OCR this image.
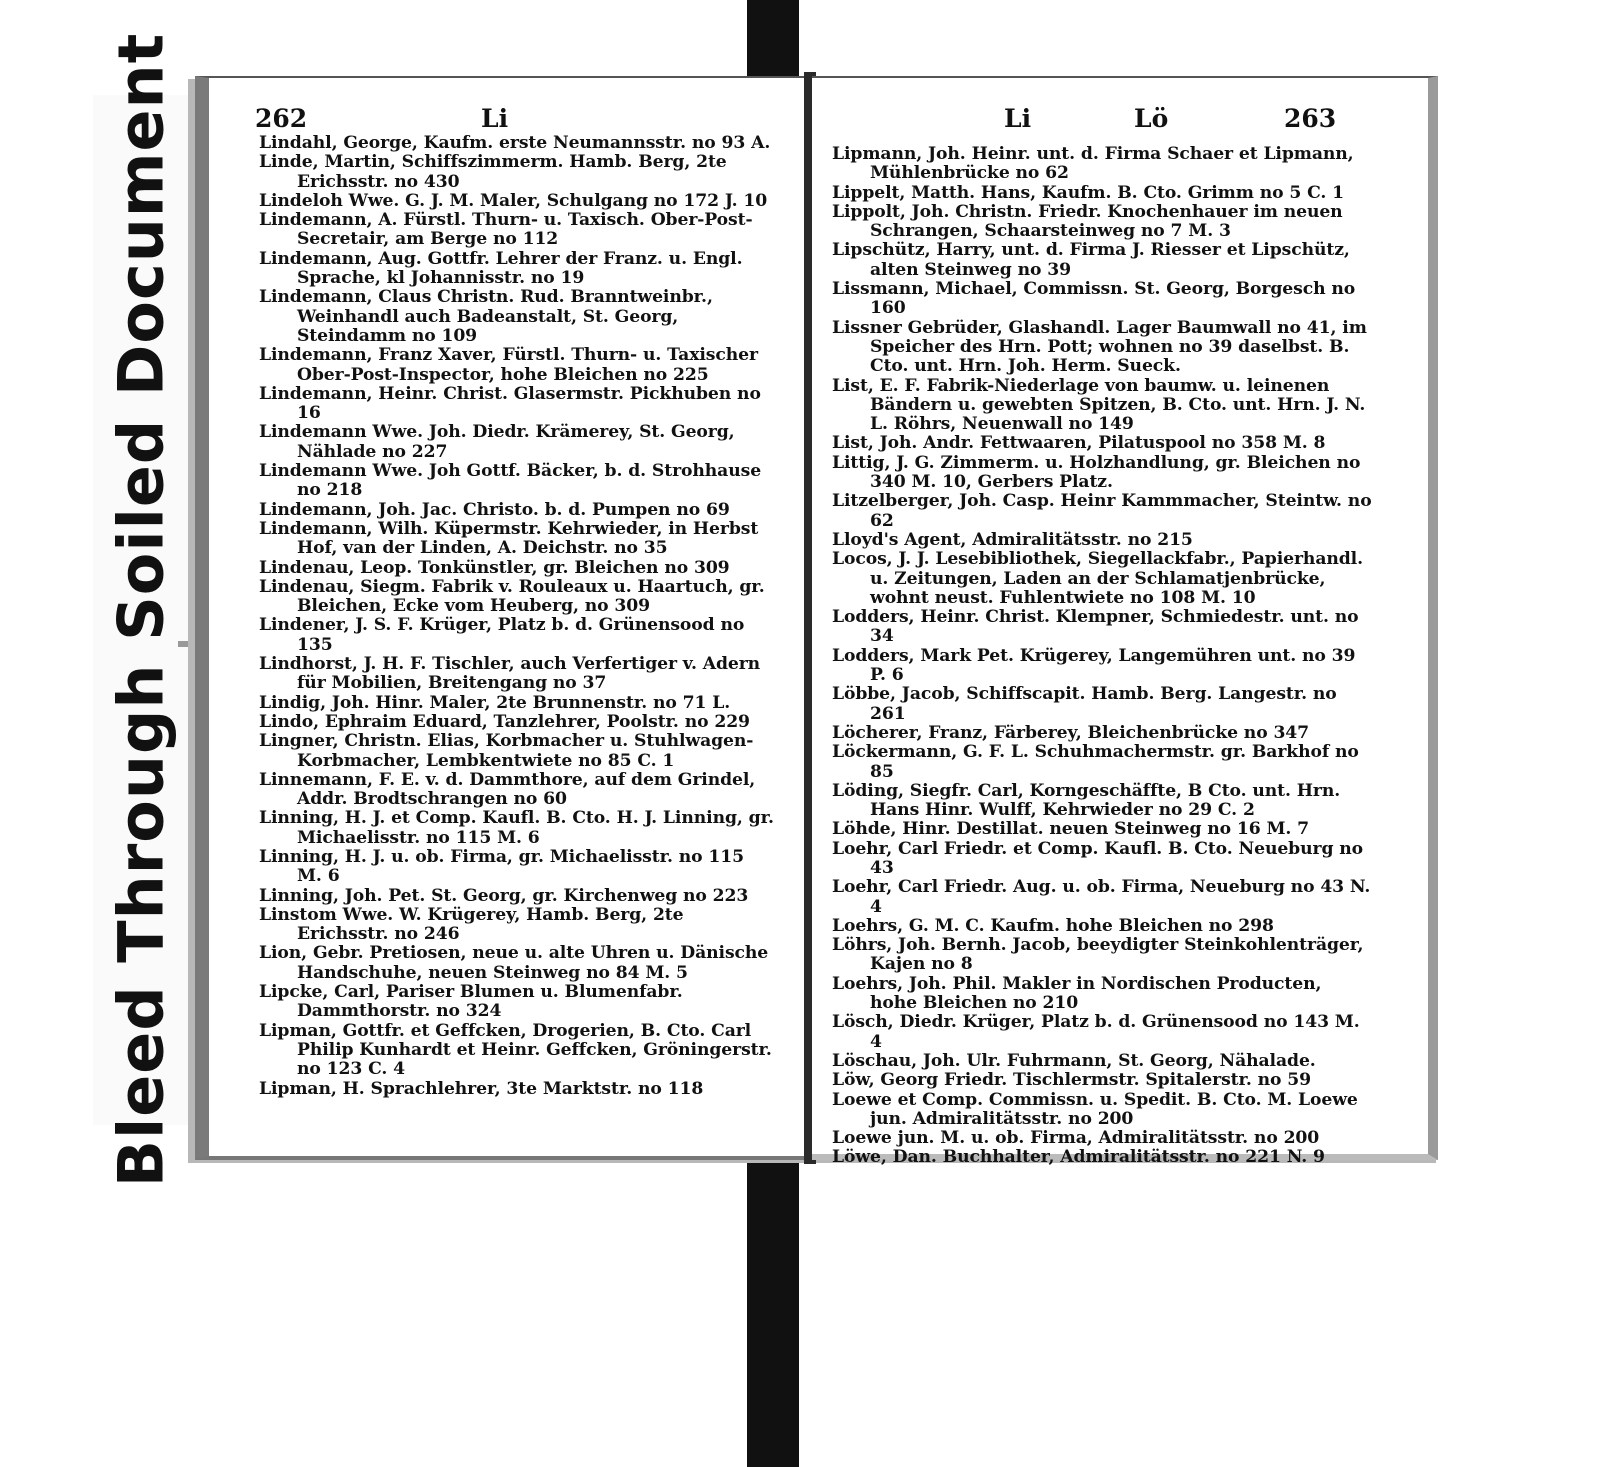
Bleed Through Soiled Document	262	Li
Lindahl, George, Kaufm. erste Neumannsstr. no 93 A.
Linde, Martin, Schiffszimmerm. Hamb. Berg, 2te Erichsstr. no 430
Lindeloh Wwe. G. J. M. Maler, Schulgang no 172 J. 10
Lindemann, A. Fürstl. Thurn- u. Taxisch. Ober-Post-Secretair, am Berge no 112
Lindemann, Aug. Gottfr. Lehrer der Franz. u. Engl. Sprache, kl Johannisstr. no 19
Lindemann, Claus Christn. Rud. Branntweinbr., Weinhandl auch Badeanstalt, St. Georg, Steindamm no 109
Lindemann, Franz Xaver, Fürstl. Thurn- u. Taxischer Ober-Post-Inspector, hohe Bleichen no 225
Lindemann, Heinr. Christ. Glasermstr. Pickhuben no 16
Lindemann Wwe. Joh. Diedr. Krämerey, St. Georg, Nählade no 227
Lindemann Wwe. Joh Gottf. Bäcker, b. d. Strohhause no 218
Lindemann, Joh. Jac. Christo. b. d. Pumpen no 69
Lindemann, Wilh. Küpermstr. Kehrwieder, in Herbst Hof, van der Linden, A. Deichstr. no 35
Lindenau, Leop. Tonkünstler, gr. Bleichen no 309
Lindenau, Siegm. Fabrik v. Rouleaux u. Haartuch, gr. Bleichen, Ecke vom Heuberg, no 309
Lindener, J. S. F. Krüger, Platz b. d. Grünensood no 135
Lindhorst, J. H. F. Tischler, auch Verfertiger v. Adern für Mobilien, Breitengang no 37
Lindig, Joh. Hinr. Maler, 2te Brunnenstr. no 71 L.
Lindo, Ephraim Eduard, Tanzlehrer, Poolstr. no 229
Lingner, Christn. Elias, Korbmacher u. Stuhlwagen-Korbmacher, Lembkentwiete no 85 C. 1
Linnemann, F. E. v. d. Dammthore, auf dem Grindel, Addr. Brodtschrangen no 60
Linning, H. J. et Comp. Kaufl. B. Cto. H. J. Linning, gr. Michaelisstr. no 115 M. 6
Linning, H. J. u. ob. Firma, gr. Michaelisstr. no 115 M. 6
Linning, Joh. Pet. St. Georg, gr. Kirchenweg no 223
Linstom Wwe. W. Krügerey, Hamb. Berg, 2te Erichsstr. no 246
Lion, Gebr. Pretiosen, neue u. alte Uhren u. Dänische Handschuhe, neuen Steinweg no 84 M. 5
Lipcke, Carl, Pariser Blumen u. Blumenfabr. Dammthorstr. no 324
Lipman, Gottfr. et Geffcken, Drogerien, B. Cto. Carl Philip Kunhardt et Heinr. Geffcken, Gröningerstr. no 123 C. 4
Lipman, H. Sprachlehrer, 3te Marktstr. no 118
Li	Lö	263
Lipmann, Joh. Heinr. unt. d. Firma Schaer et Lipmann, Mühlenbrücke no 62
Lippelt, Matth. Hans, Kaufm. B. Cto. Grimm no 5 C. 1
Lippolt, Joh. Christn. Friedr. Knochenhauer im neuen Schrangen, Schaarsteinweg no 7 M. 3
Lipschütz, Harry, unt. d. Firma J. Riesser et Lipschütz, alten Steinweg no 39
Lissmann, Michael, Commissn. St. Georg, Borgesch no 160
Lissner Gebrüder, Glashandl. Lager Baumwall no 41, im Speicher des Hrn. Pott; wohnen no 39 daselbst. B. Cto. unt. Hrn. Joh. Herm. Sueck.
List, E. F. Fabrik-Niederlage von baumw. u. leinenen Bändern u. gewebten Spitzen, B. Cto. unt. Hrn. J. N. L. Röhrs, Neuenwall no 149
List, Joh. Andr. Fettwaaren, Pilatuspool no 358 M. 8
Littig, J. G. Zimmerm. u. Holzhandlung, gr. Bleichen no 340 M. 10, Gerbers Platz.
Litzelberger, Joh. Casp. Heinr Kammmacher, Steintw. no 62
Lloyd's Agent, Admiralitätsstr. no 215
Locos, J. J. Lesebibliothek, Siegellackfabr., Papierhandl. u. Zeitungen, Laden an der Schlamatjenbrücke, wohnt neust. Fuhlentwiete no 108 M. 10
Lodders, Heinr. Christ. Klempner, Schmiedestr. unt. no 34
Lodders, Mark Pet. Krügerey, Langemühren unt. no 39 P. 6
Löbbe, Jacob, Schiffscapit. Hamb. Berg. Langestr. no 261
Löcherer, Franz, Färberey, Bleichenbrücke no 347
Löckermann, G. F. L. Schuhmachermstr. gr. Barkhof no 85
Löding, Siegfr. Carl, Korngeschäffte, B Cto. unt. Hrn. Hans Hinr. Wulff, Kehrwieder no 29 C. 2
Löhde, Hinr. Destillat. neuen Steinweg no 16 M. 7
Loehr, Carl Friedr. et Comp. Kaufl. B. Cto. Neueburg no 43
Loehr, Carl Friedr. Aug. u. ob. Firma, Neueburg no 43 N. 4
Loehrs, G. M. C. Kaufm. hohe Bleichen no 298
Löhrs, Joh. Bernh. Jacob, beeydigter Steinkohlenträger, Kajen no 8
Loehrs, Joh. Phil. Makler in Nordischen Producten, hohe Bleichen no 210
Lösch, Diedr. Krüger, Platz b. d. Grünensood no 143 M. 4
Löschau, Joh. Ulr. Fuhrmann, St. Georg, Nähalade.
Löw, Georg Friedr. Tischlermstr. Spitalerstr. no 59
Loewe et Comp. Commissn. u. Spedit. B. Cto. M. Loewe jun. Admiralitätsstr. no 200
Loewe jun. M. u. ob. Firma, Admiralitätsstr. no 200
Löwe, Dan. Buchhalter, Admiralitätsstr. no 221 N. 9
